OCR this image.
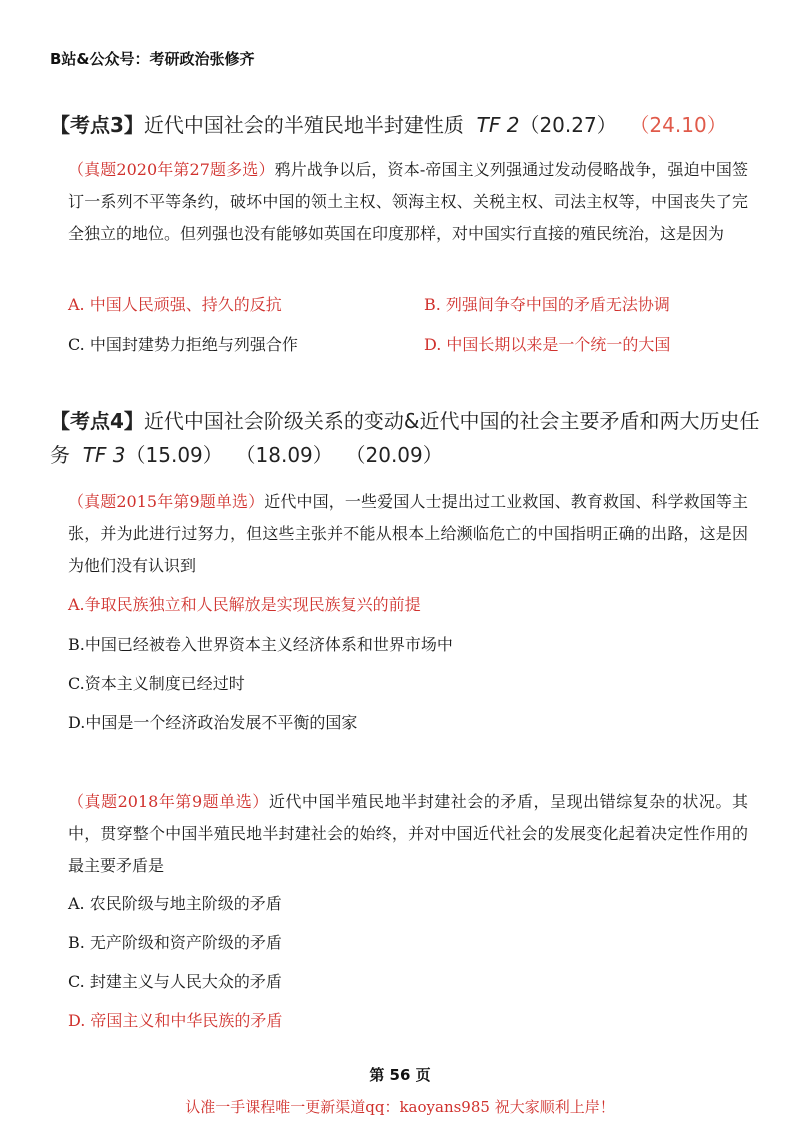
B站&公众号：考研政治张修齐

【考点3】近代中国社会的半殖民地半封建性质 TF 2（20.27） （24.10）

（真题2020年第27题多选）鸦片战争以后，资本-帝国主义列强通过发动侵略战争，强迫中国签订一系列不平等条约，破坏中国的领土主权、领海主权、关税主权、司法主权等，中国丧失了完全独立的地位。但列强也没有能够如英国在印度那样，对中国实行直接的殖民统治，这是因为

A. 中国人民顽强、持久的反抗	B. 列强间争夺中国的矛盾无法协调
C. 中国封建势力拒绝与列强合作	D. 中国长期以来是一个统一的大国

【考点4】近代中国社会阶级关系的变动&近代中国的社会主要矛盾和两大历史任务 TF 3（15.09） （18.09） （20.09）

（真题2015年第9题单选）近代中国，一些爱国人士提出过工业救国、教育救国、科学救国等主张，并为此进行过努力，但这些主张并不能从根本上给濒临危亡的中国指明正确的出路，这是因为他们没有认识到

A.争取民族独立和人民解放是实现民族复兴的前提
B.中国已经被卷入世界资本主义经济体系和世界市场中
C.资本主义制度已经过时
D.中国是一个经济政治发展不平衡的国家

（真题2018年第9题单选）近代中国半殖民地半封建社会的矛盾，呈现出错综复杂的状况。其中，贯穿整个中国半殖民地半封建社会的始终，并对中国近代社会的发展变化起着决定性作用的最主要矛盾是

A. 农民阶级与地主阶级的矛盾
B. 无产阶级和资产阶级的矛盾
C. 封建主义与人民大众的矛盾
D. 帝国主义和中华民族的矛盾
第 56 页
认准一手课程唯一更新渠道qq：kaoyans985 祝大家顺利上岸！
